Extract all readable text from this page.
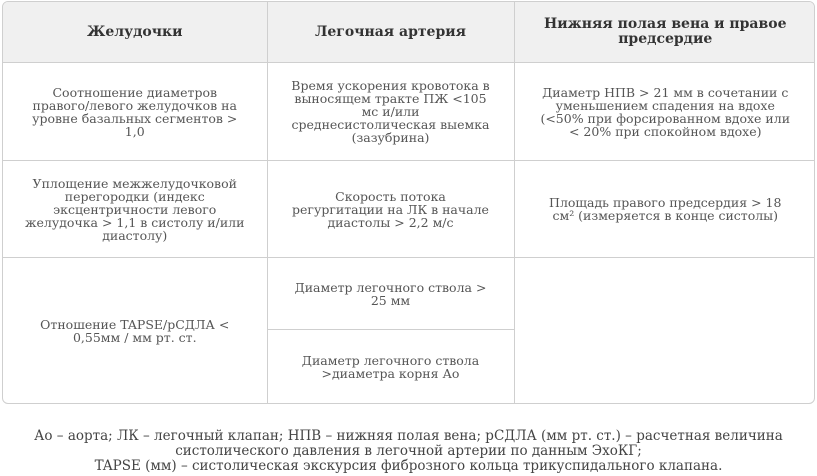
Желудочки	Легочная артерия	Нижняя полая вена и правое предсердие
Соотношение диаметров правого/левого желудочков на уровне базальных сегментов > 1,0	Время ускорения кровотока в выносящем тракте ПЖ <105 мс и/или среднесистолическая выемка (зазубрина)	Диаметр НПВ > 21 мм в сочетании с уменьшением спадения на вдохе (<50% при форсированном вдохе или < 20% при спокойном вдохе)
Уплощение межжелудочковой перегородки (индекс эксцентричности левого желудочка > 1,1 в систолу и/или диастолу)	Скорость потока регургитации на ЛК в начале диастолы > 2,2 м/с	Площадь правого предсердия > 18 см² (измеряется в конце систолы)
Отношение TAPSE/рСДЛА < 0,55мм / мм рт. ст.	Диаметр легочного ствола > 25 мм	
	Диаметр легочного ствола >диаметра корня Ао	
Ао – аорта; ЛК – легочный клапан; НПВ – нижняя полая вена; рСДЛА (мм рт. ст.) – расчетная величина систолического давления в легочной артерии по данным ЭхоКГ;
TAPSE (мм) – систолическая экскурсия фиброзного кольца трикуспидального клапана.
